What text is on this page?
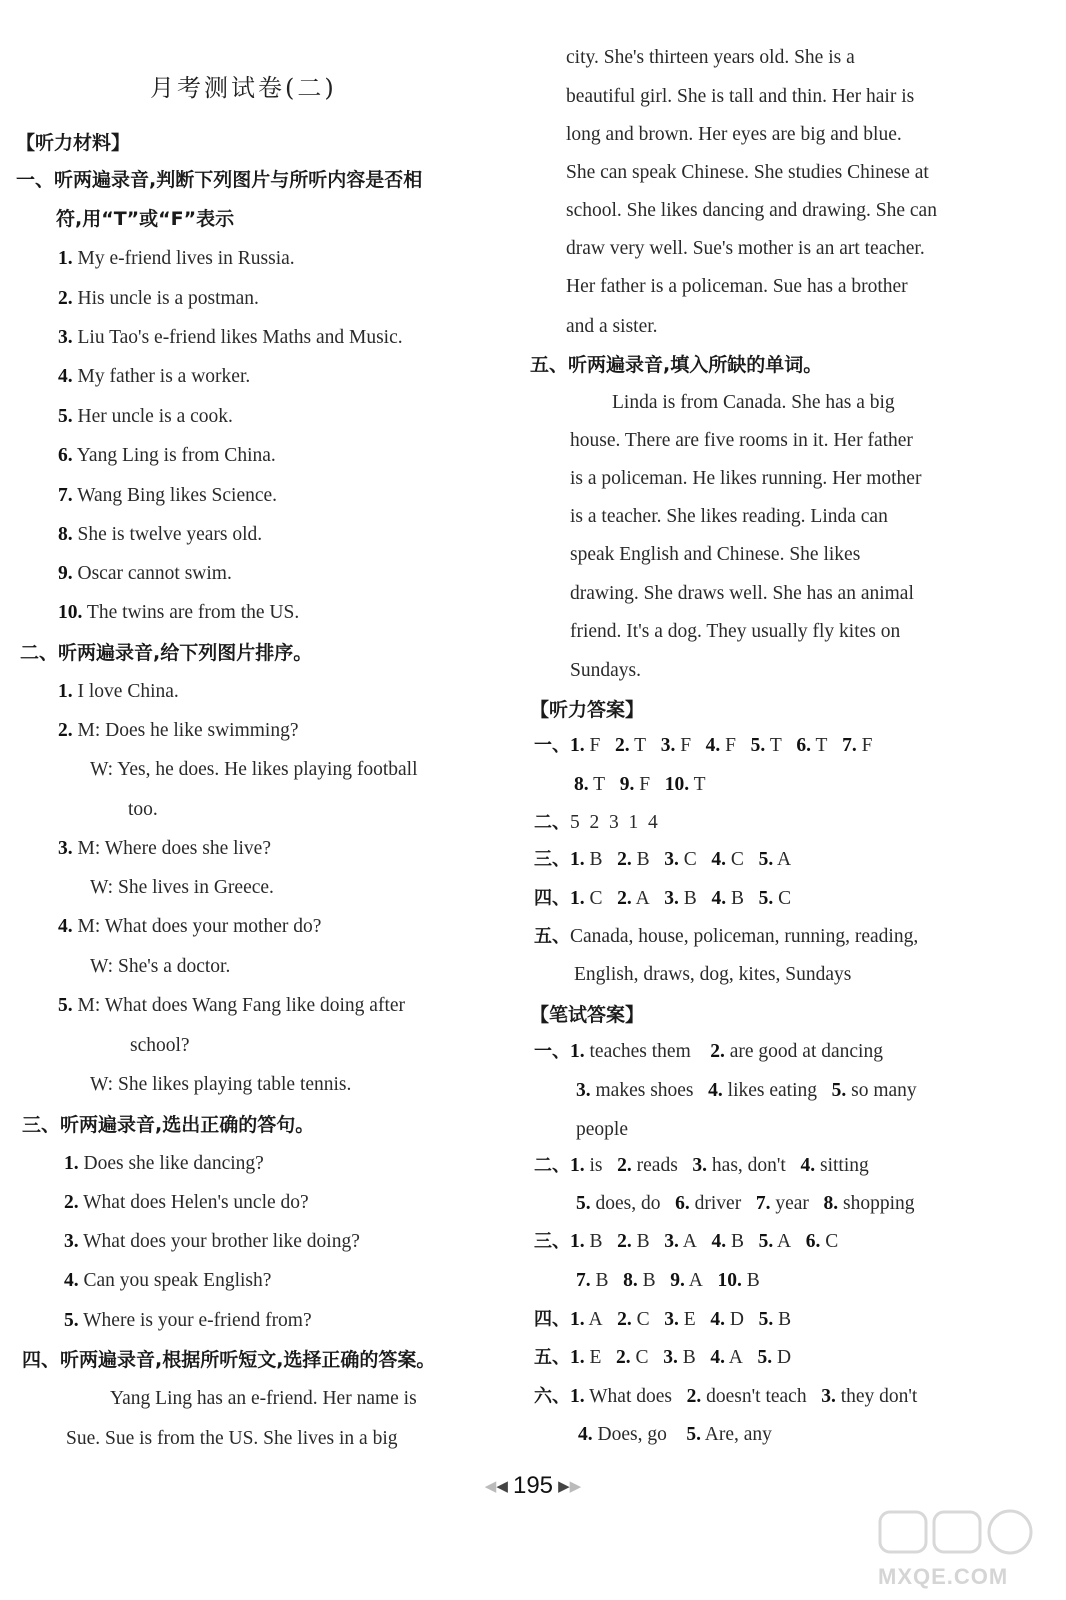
月考测试卷(二)
【听力材料】
一、听两遍录音,判断下列图片与所听内容是否相
符,用“T”或“F”表示
1. My e-friend lives in Russia.
2. His uncle is a postman.
3. Liu Tao's e-friend likes Maths and Music.
4. My father is a worker.
5. Her uncle is a cook.
6. Yang Ling is from China.
7. Wang Bing likes Science.
8. She is twelve years old.
9. Oscar cannot swim.
10. The twins are from the US.
二、听两遍录音,给下列图片排序。
1. I love China.
2. M: Does he like swimming?
W: Yes, he does. He likes playing football
too.
3. M: Where does she live?
W: She lives in Greece.
4. M: What does your mother do?
W: She's a doctor.
5. M: What does Wang Fang like doing after
school?
W: She likes playing table tennis.
三、听两遍录音,选出正确的答句。
1. Does she like dancing?
2. What does Helen's uncle do?
3. What does your brother like doing?
4. Can you speak English?
5. Where is your e-friend from?
四、听两遍录音,根据所听短文,选择正确的答案。
Yang Ling has an e-friend. Her name is
Sue. Sue is from the US. She lives in a big
city. She's thirteen years old. She is a
beautiful girl. She is tall and thin. Her hair is
long and brown. Her eyes are big and blue.
She can speak Chinese. She studies Chinese at
school. She likes dancing and drawing. She can
draw very well. Sue's mother is an art teacher.
Her father is a policeman. Sue has a brother
and a sister.
五、听两遍录音,填入所缺的单词。
Linda is from Canada. She has a big
house. There are five rooms in it. Her father
is a policeman. He likes running. Her mother
is a teacher. She likes reading. Linda can
speak English and Chinese. She likes
drawing. She draws well. She has an animal
friend. It's a dog. They usually fly kites on
Sundays.
【听力答案】
一、1. F 2. T 3. F 4. F 5. T 6. T 7. F
8. T 9. F 10. T
二、5  2  3  1  4
三、1. B 2. B 3. C 4. C 5. A
四、1. C 2. A 3. B 4. B 5. C
五、Canada, house, policeman, running, reading,
English, draws, dog, kites, Sundays
【笔试答案】
一、1. teaches them 2. are good at dancing
3. makes shoes 4. likes eating 5. so many
people
二、1. is 2. reads 3. has, don't 4. sitting
5. does, do 6. driver 7. year 8. shopping
三、1. B 2. B 3. A 4. B 5. A 6. C
7. B 8. B 9. A 10. B
四、1. A 2. C 3. E 4. D 5. B
五、1. E 2. C 3. B 4. A 5. D
六、1. What does 2. doesn't teach 3. they don't
4. Does, go 5. Are, any
◀◀ 195 ▶▶
MXQE.COM
